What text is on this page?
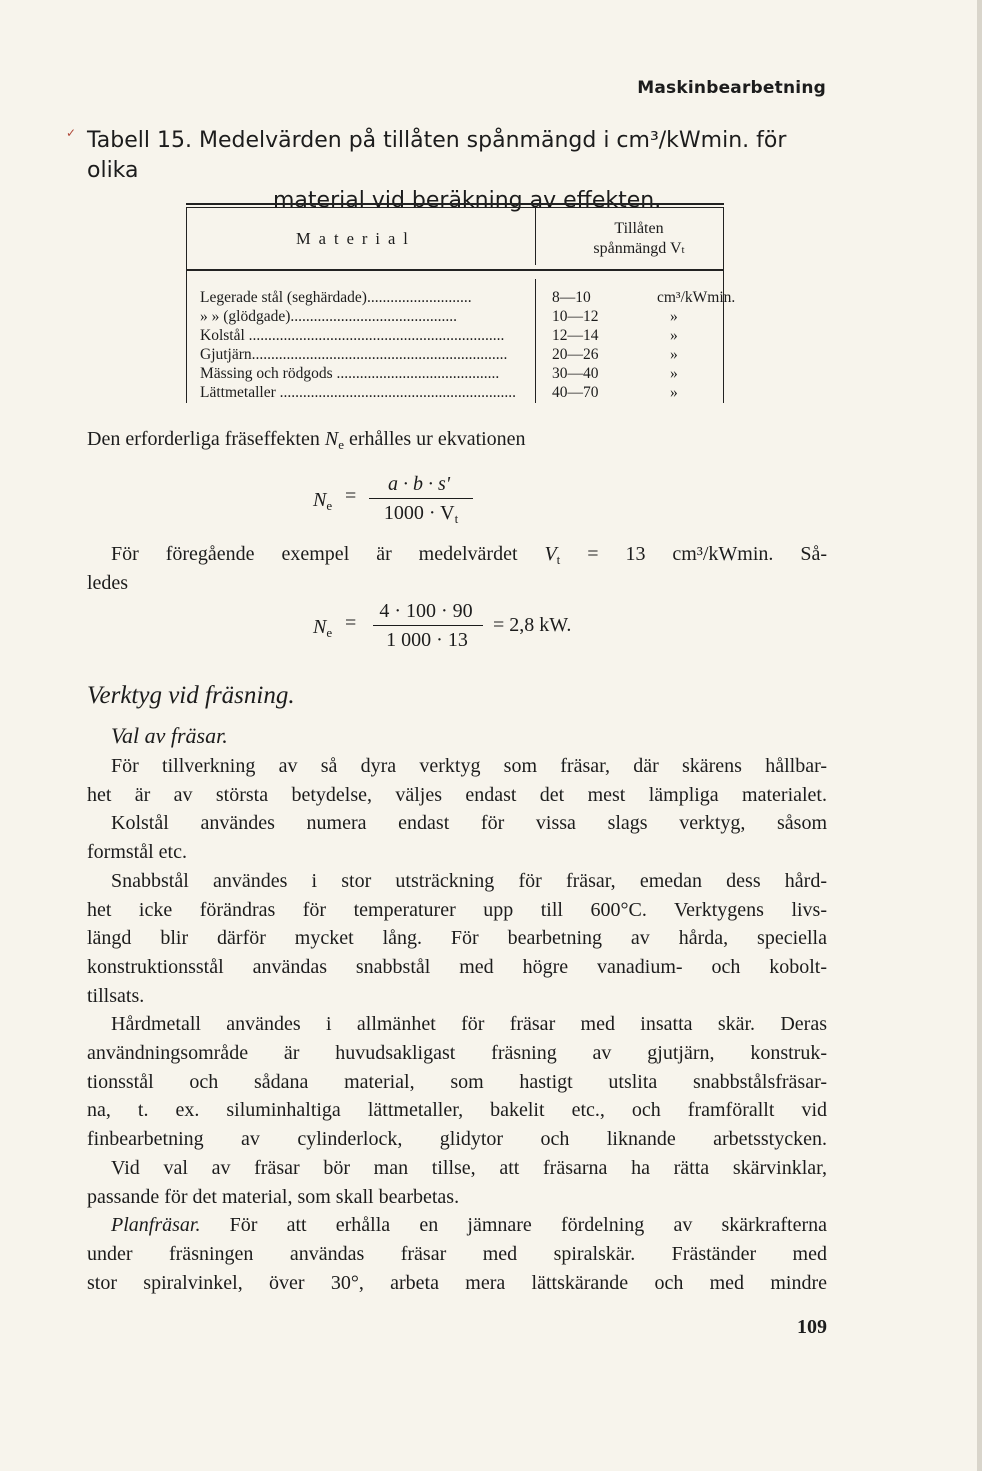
Maskinbearbetning
✓ Tabell 15. Medelvärden på tillåten spånmängd i cm³/kWmin. för olika
material vid beräkning av effekten.
Material
Tillåten
spånmängd Vt
Legerade stål (seghärdade)...........................	8—10	cm³/kWmin.
» » (glödgade)...........................................	10—12	»
Kolstål ..................................................................	12—14	»
Gjutjärn..................................................................	20—26	»
Mässing och rödgods ..........................................	30—40	»
Lättmetaller .............................................................	40—70	»
Den erforderliga fräseffekten $N_e$ erhålles ur ekvationen
$N_e$ =
a · b · s'
$1000 \cdot V_t$
För föregående exempel är medelvärdet $V_t = 13$ cm³/kWmin. Så-
ledes
$N_e$ =
4 · 100 · 90
1 000 · 13
= 2,8 kW.
Verktyg vid fräsning.
Val av fräsar.
För tillverkning av så dyra verktyg som fräsar, där skärens hållbar-
het är av största betydelse, väljes endast det mest lämpliga materialet.
Kolstål användes numera endast för vissa slags verktyg, såsom
formstål etc.
Snabbstål användes i stor utsträckning för fräsar, emedan dess hård-
het icke förändras för temperaturer upp till 600°C. Verktygens livs-
längd blir därför mycket lång. För bearbetning av hårda, speciella
konstruktionsstål användas snabbstål med högre vanadium- och kobolt-
tillsats.
Hårdmetall användes i allmänhet för fräsar med insatta skär. Deras
användningsområde är huvudsakligast fräsning av gjutjärn, konstruk-
tionsstål och sådana material, som hastigt utslita snabbstålsfräsar-
na, t. ex. siluminhaltiga lättmetaller, bakelit etc., och framförallt vid
finbearbetning av cylinderlock, glidytor och liknande arbetsstycken.
Vid val av fräsar bör man tillse, att fräsarna ha rätta skärvinklar,
passande för det material, som skall bearbetas.
Planfräsar. För att erhålla en jämnare fördelning av skärkrafterna
under fräsningen användas fräsar med spiralskär. Fräständer med
stor spiralvinkel, över 30°, arbeta mera lättskärande och med mindre
109
